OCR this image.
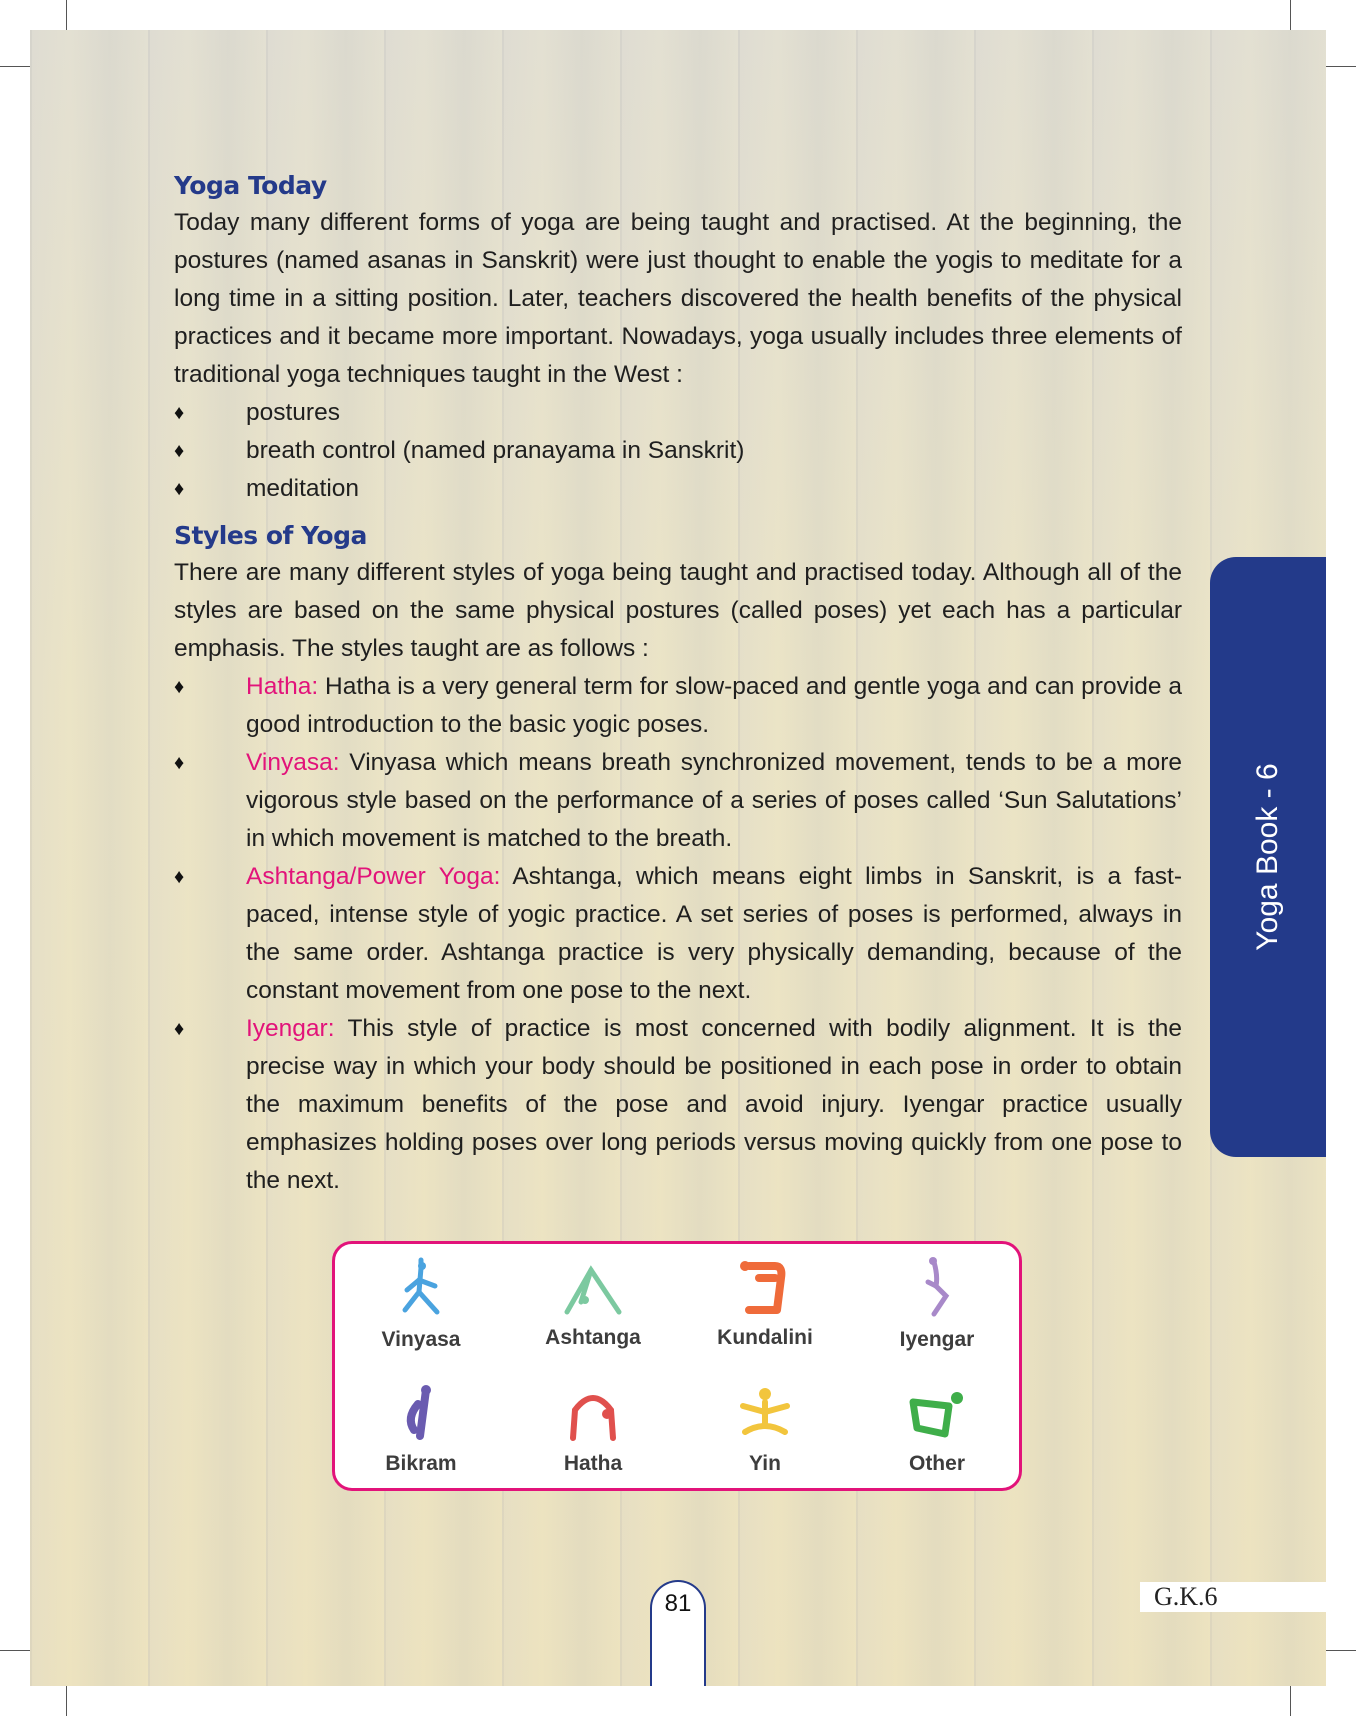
Yoga Today

Today many different forms of yoga are being taught and practised. At the beginning, the postures (named asanas in Sanskrit) were just thought to enable the yogis to meditate for a long time in a sitting position. Later, teachers discovered the health benefits of the physical practices and it became more important. Nowadays, yoga usually includes three elements of traditional yoga techniques taught in the West :

♦	postures
♦	breath control (named pranayama in Sanskrit)
♦	meditation
Styles of Yoga

There are many different styles of yoga being taught and practised today. Although all of the styles are based on the same physical postures (called poses) yet each has a particular emphasis. The styles taught are as follows :

♦	Hatha: Hatha is a very general term for slow-paced and gentle yoga and can provide a good introduction to the basic yogic poses.
♦	Vinyasa: Vinyasa which means breath synchronized movement, tends to be a more vigorous style based on the performance of a series of poses called ‘Sun Salutations’ in which movement is matched to the breath.
♦	Ashtanga/Power Yoga: Ashtanga, which means eight limbs in Sanskrit, is a fast-paced, intense style of yogic practice. A set series of poses is performed, always in the same order. Ashtanga practice is very physically demanding, because of the constant movement from one pose to the next.
♦	Iyengar: This style of practice is most concerned with bodily alignment. It is the precise way in which your body should be positioned in each pose in order to obtain the maximum benefits of the pose and avoid injury. Iyengar practice usually emphasizes holding poses over long periods versus moving quickly from one pose to the next.
Yoga Book - 6
Vinyasa	Ashtanga	Kundalini	Iyengar
Bikram	Hatha	Yin	Other
81	G.K.6
